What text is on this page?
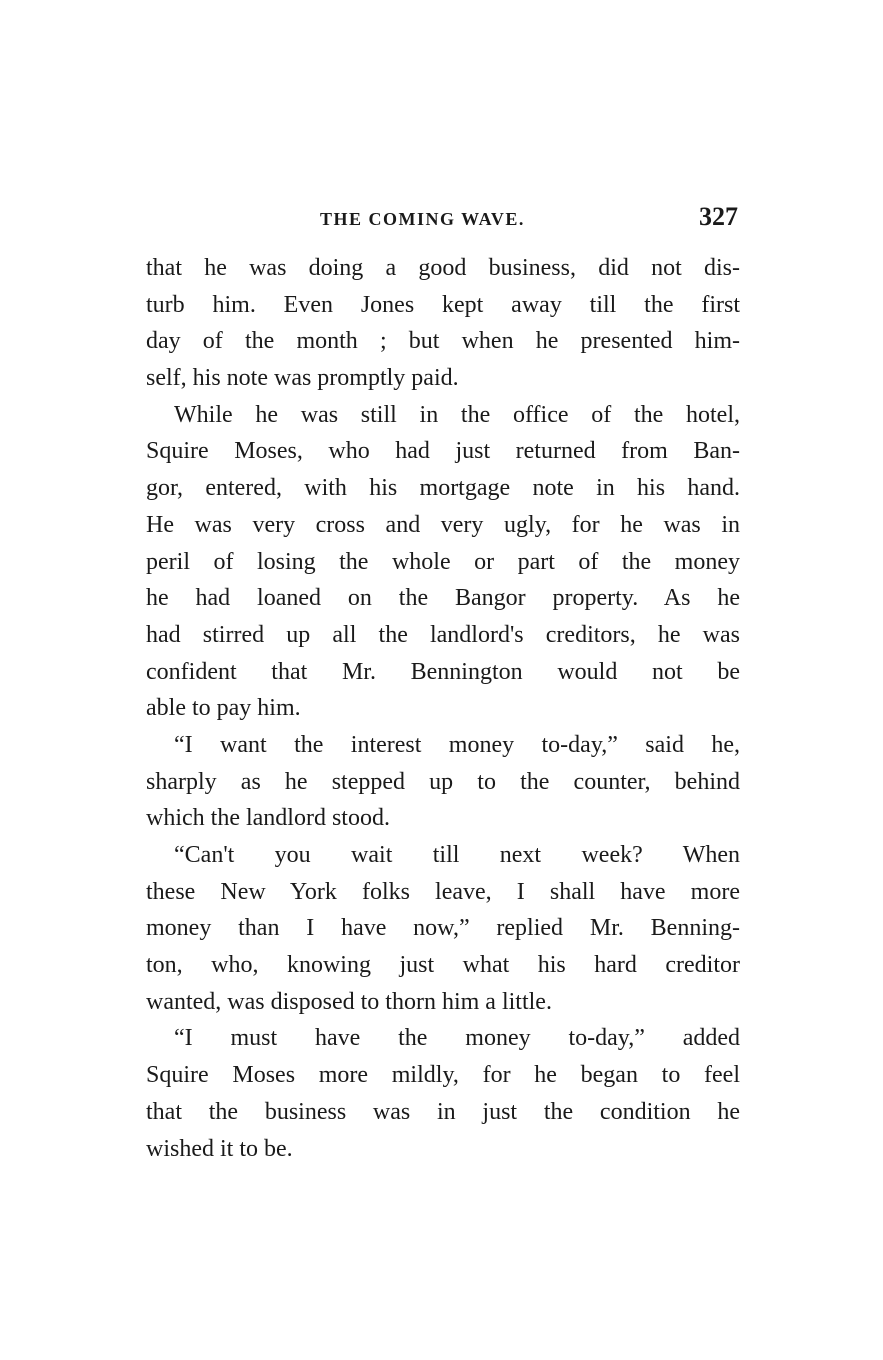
THE COMING WAVE.	327
that he was doing a good business, did not dis-
turb him. Even Jones kept away till the first
day of the month ; but when he presented him-
self, his note was promptly paid.
While he was still in the office of the hotel,
Squire Moses, who had just returned from Ban-
gor, entered, with his mortgage note in his hand.
He was very cross and very ugly, for he was in
peril of losing the whole or part of the money
he had loaned on the Bangor property. As he
had stirred up all the landlord's creditors, he was
confident that Mr. Bennington would not be
able to pay him.
“I want the interest money to-day,” said he,
sharply as he stepped up to the counter, behind
which the landlord stood.
“Can't you wait till next week? When
these New York folks leave, I shall have more
money than I have now,” replied Mr. Benning-
ton, who, knowing just what his hard creditor
wanted, was disposed to thorn him a little.
“I must have the money to-day,” added
Squire Moses more mildly, for he began to feel
that the business was in just the condition he
wished it to be.
